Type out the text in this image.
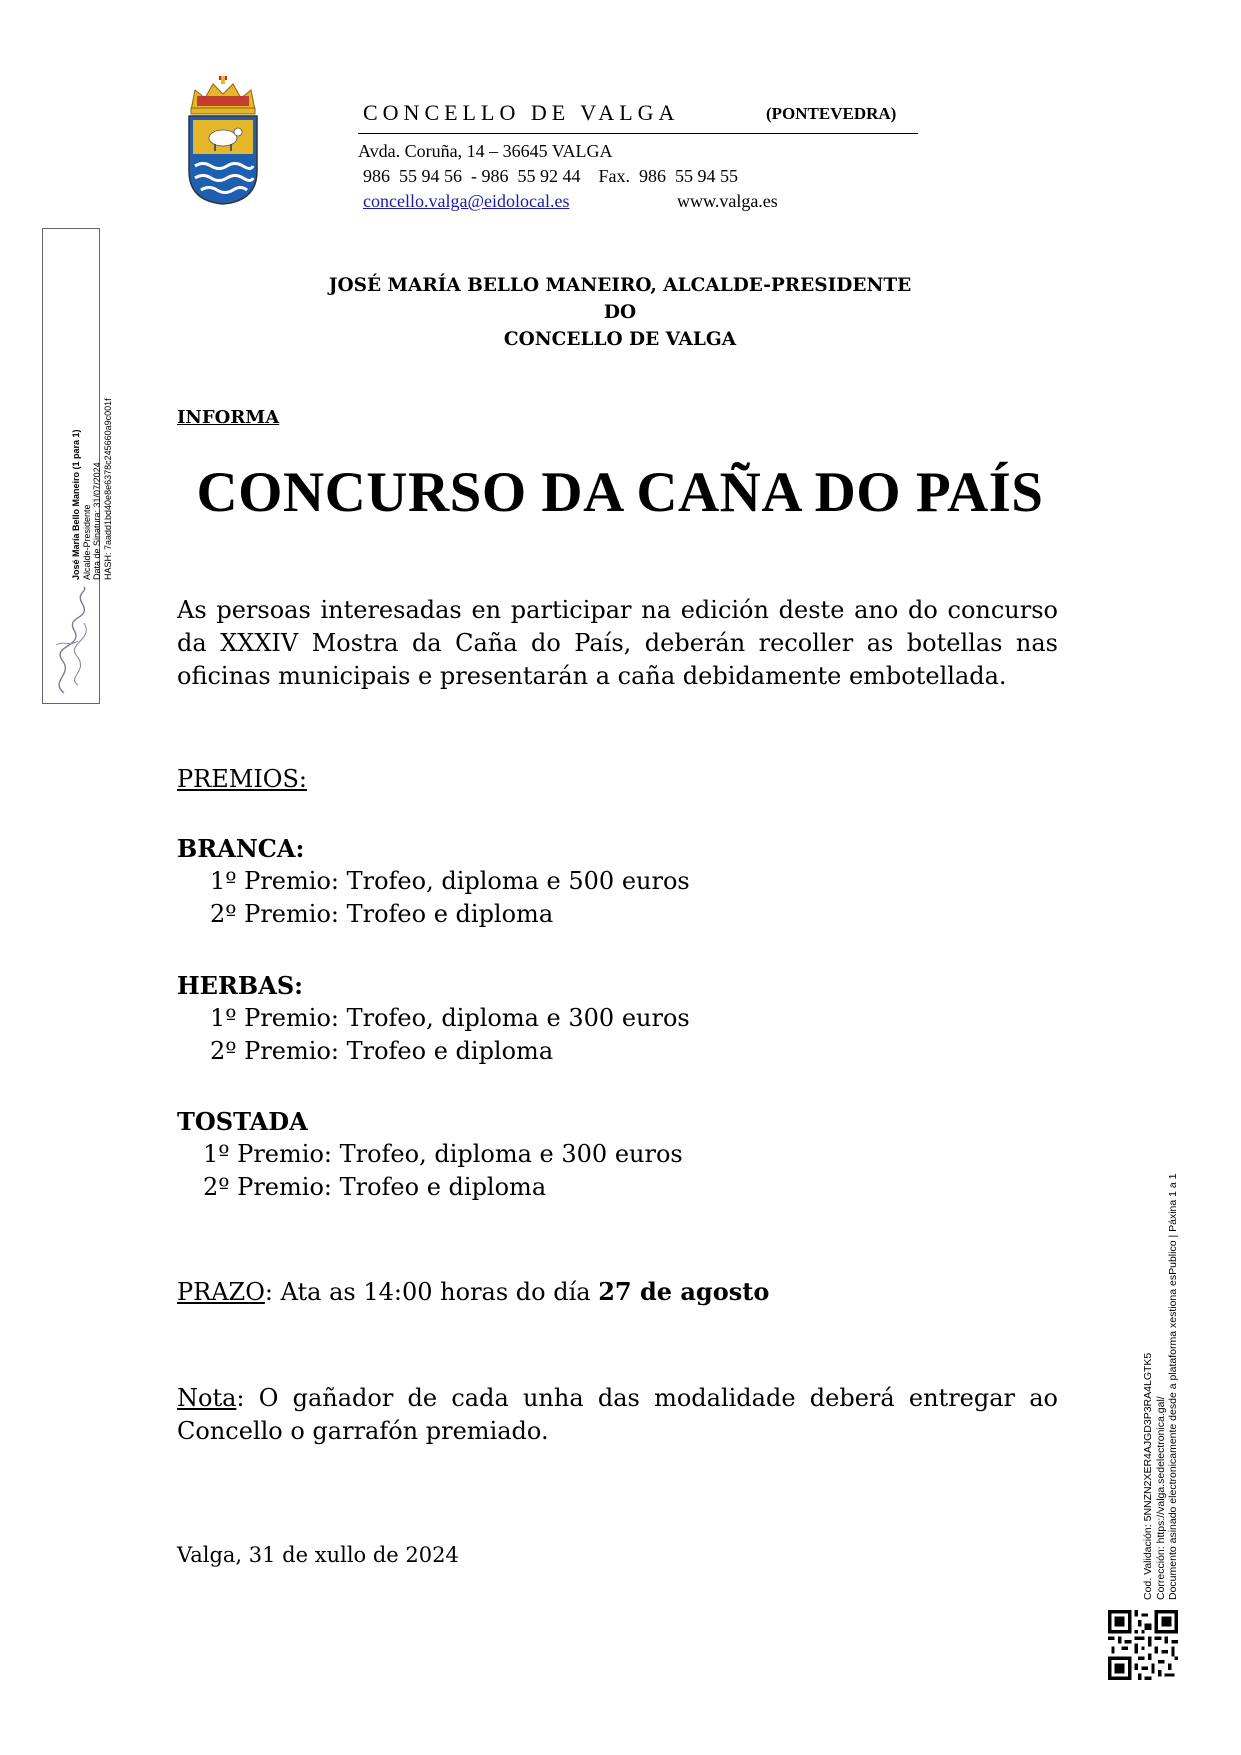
CONCELLO DE VALGA	(PONTEVEDRA)
Avda. Coruña, 14 – 36645 VALGA
986  55 94 56  - 986  55 92 44    Fax.  986  55 94 55
concello.valga@eidolocal.es	www.valga.es
José María Bello Maneiro (1 para 1) Alcalde-Presidente Data de Sinatura: 31/07/2024 HASH: 7aadd1bd40e8e6378c245660a9c001f
JOSÉ MARÍA BELLO MANEIRO, ALCALDE-PRESIDENTE
DO
CONCELLO DE VALGA
INFORMA
CONCURSO DA CAÑA DO PAÍS
As persoas interesadas en participar na edición deste ano do concurso da XXXIV Mostra da Caña do País, deberán recoller as botellas nas oficinas municipais e presentarán a caña debidamente embotellada.
PREMIOS:
BRANCA:
1º Premio: Trofeo, diploma e 500 euros
2º Premio: Trofeo e diploma
HERBAS:
1º Premio: Trofeo, diploma e 300 euros
2º Premio: Trofeo e diploma
TOSTADA
1º Premio: Trofeo, diploma e 300 euros
2º Premio: Trofeo e diploma
PRAZO: Ata as 14:00 horas do día 27 de agosto
Nota: O gañador de cada unha das modalidade deberá entregar ao Concello o garrafón premiado.
Valga, 31 de xullo de 2024	Cod. Validación: 5NNZN2XER4AJGD3P3RA4LGTK5 Corrección: https://valga.sedelectronica.gal/ Documento asinado electronicamente desde a plataforma xestiona esPublico | Páxina 1 a 1
